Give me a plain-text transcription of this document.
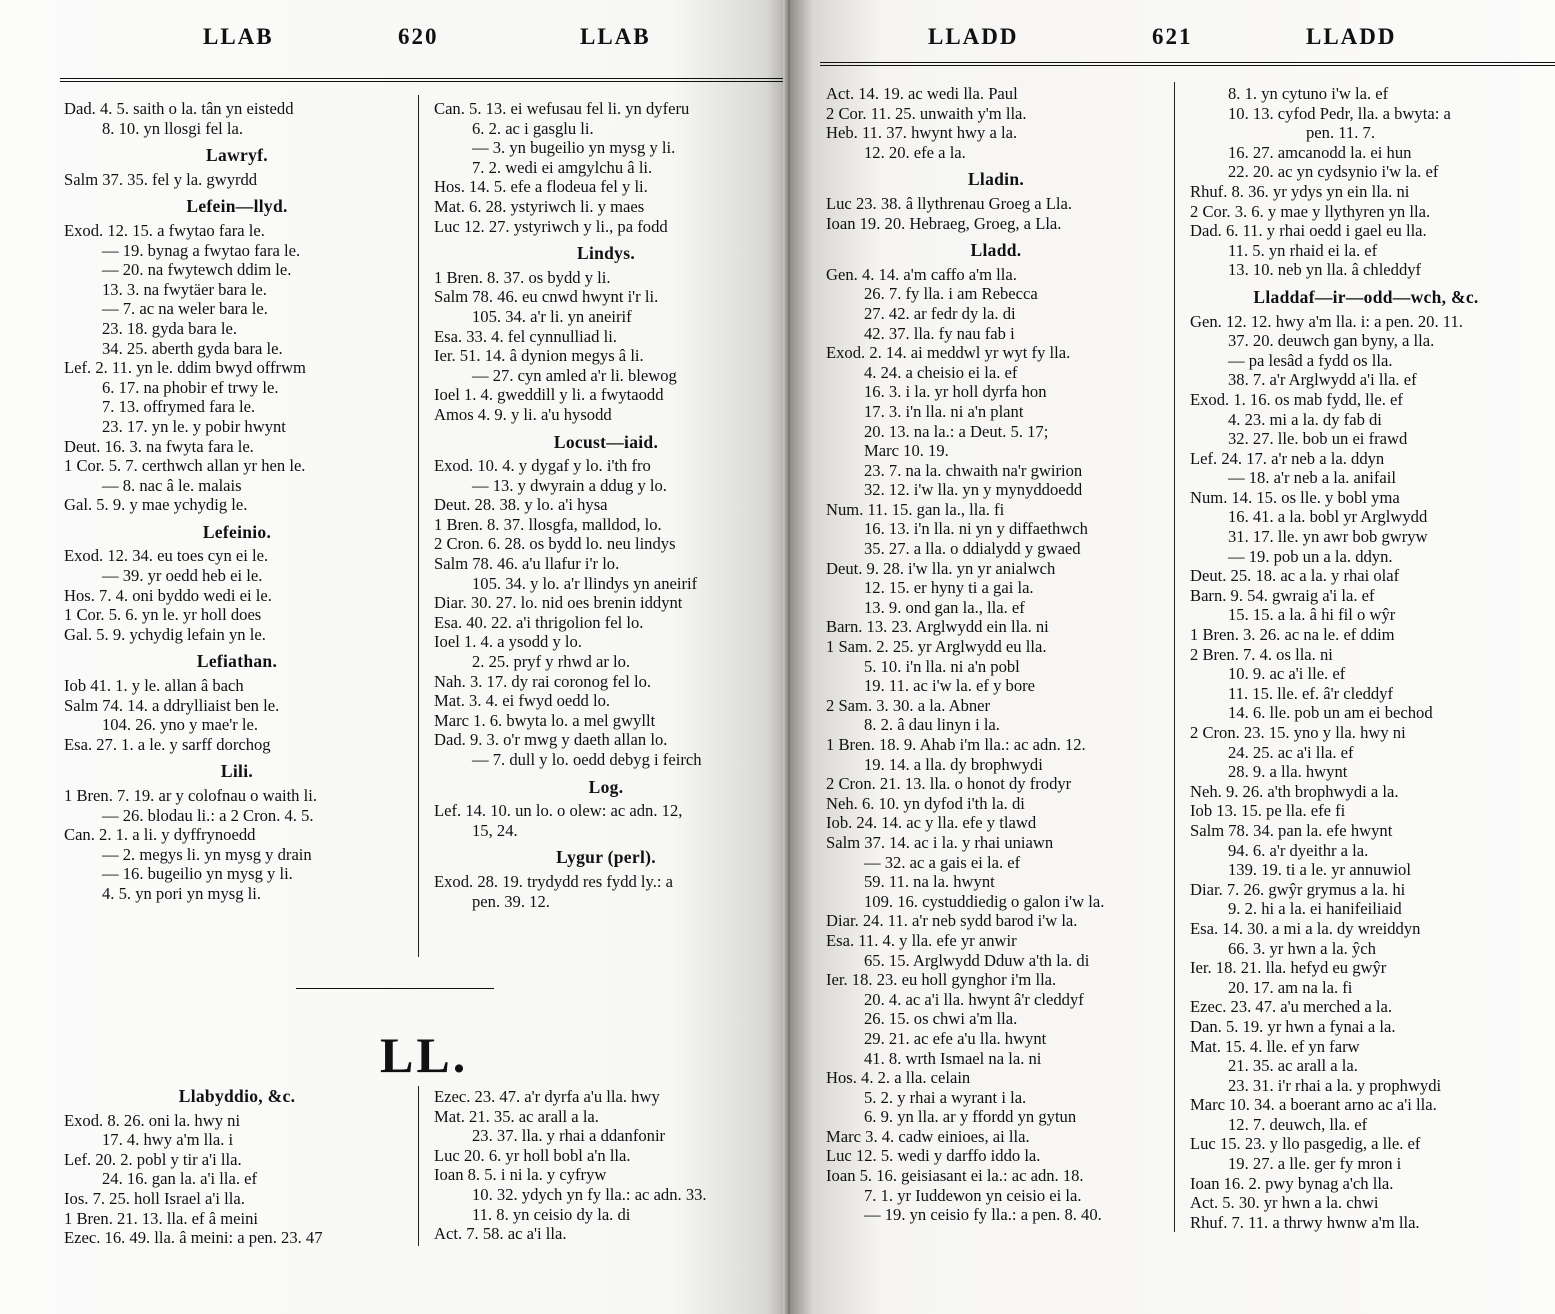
LLAB	620	LLAB
Dad. 4. 5. saith o la. tân yn eistedd
8. 10. yn llosgi fel la.
Lawryf.
Salm 37. 35. fel y la. gwyrdd
Lefein—llyd.
Exod. 12. 15. a fwytao fara le.
— 19. bynag a fwytao fara le.
— 20. na fwytewch ddim le.
13. 3. na fwytäer bara le.
— 7. ac na weler bara le.
23. 18. gyda bara le.
34. 25. aberth gyda bara le.
Lef. 2. 11. yn le. ddim bwyd offrwm
6. 17. na phobir ef trwy le.
7. 13. offrymed fara le.
23. 17. yn le. y pobir hwynt
Deut. 16. 3. na fwyta fara le.
1 Cor. 5. 7. certhwch allan yr hen le.
— 8. nac â le. malais
Gal. 5. 9. y mae ychydig le.
Lefeinio.
Exod. 12. 34. eu toes cyn ei le.
— 39. yr oedd heb ei le.
Hos. 7. 4. oni byddo wedi ei le.
1 Cor. 5. 6. yn le. yr holl does
Gal. 5. 9. ychydig lefain yn le.
Lefiathan.
Iob 41. 1. y le. allan â bach
Salm 74. 14. a ddrylliaist ben le.
104. 26. yno y mae'r le.
Esa. 27. 1. a le. y sarff dorchog
Lili.
1 Bren. 7. 19. ar y colofnau o waith li.
— 26. blodau li.: a 2 Cron. 4. 5.
Can. 2. 1. a li. y dyffrynoedd
— 2. megys li. yn mysg y drain
— 16. bugeilio yn mysg y li.
4. 5. yn pori yn mysg li.
Can. 5. 13. ei wefusau fel li. yn dyferu
6. 2. ac i gasglu li.
— 3. yn bugeilio yn mysg y li.
7. 2. wedi ei amgylchu â li.
Hos. 14. 5. efe a flodeua fel y li.
Mat. 6. 28. ystyriwch li. y maes
Luc 12. 27. ystyriwch y li., pa fodd
Lindys.
1 Bren. 8. 37. os bydd y li.
Salm 78. 46. eu cnwd hwynt i'r li.
105. 34. a'r li. yn aneirif
Esa. 33. 4. fel cynnulliad li.
Ier. 51. 14. â dynion megys â li.
— 27. cyn amled a'r li. blewog
Ioel 1. 4. gweddill y li. a fwytaodd
Amos 4. 9. y li. a'u hysodd
Locust—iaid.
Exod. 10. 4. y dygaf y lo. i'th fro
— 13. y dwyrain a ddug y lo.
Deut. 28. 38. y lo. a'i hysa
1 Bren. 8. 37. llosgfa, malldod, lo.
2 Cron. 6. 28. os bydd lo. neu lindys
Salm 78. 46. a'u llafur i'r lo.
105. 34. y lo. a'r llindys yn aneirif
Diar. 30. 27. lo. nid oes brenin iddynt
Esa. 40. 22. a'i thrigolion fel lo.
Ioel 1. 4. a ysodd y lo.
2. 25. pryf y rhwd ar lo.
Nah. 3. 17. dy rai coronog fel lo.
Mat. 3. 4. ei fwyd oedd lo.
Marc 1. 6. bwyta lo. a mel gwyllt
Dad. 9. 3. o'r mwg y daeth allan lo.
— 7. dull y lo. oedd debyg i feirch
Log.
Lef. 14. 10. un lo. o olew: ac adn. 12,
15, 24.
Lygur (perl).
Exod. 28. 19. trydydd res fydd ly.: a
pen. 39. 12.
LL.
Llabyddio, &c.
Exod. 8. 26. oni la. hwy ni
17. 4. hwy a'm lla. i
Lef. 20. 2. pobl y tir a'i lla.
24. 16. gan la. a'i lla. ef
Ios. 7. 25. holl Israel a'i lla.
1 Bren. 21. 13. lla. ef â meini
Ezec. 16. 49. lla. â meini: a pen. 23. 47
Ezec. 23. 47. a'r dyrfa a'u lla. hwy
Mat. 21. 35. ac arall a la.
23. 37. lla. y rhai a ddanfonir
Luc 20. 6. yr holl bobl a'n lla.
Ioan 8. 5. i ni la. y cyfryw
10. 32. ydych yn fy lla.: ac adn. 33.
11. 8. yn ceisio dy la. di
Act. 7. 58. ac a'i lla.
LLADD	621	LLADD
Act. 14. 19. ac wedi lla. Paul
2 Cor. 11. 25. unwaith y'm lla.
Heb. 11. 37. hwynt hwy a la.
12. 20. efe a la.
Lladin.
Luc 23. 38. â llythrenau Groeg a Lla.
Ioan 19. 20. Hebraeg, Groeg, a Lla.
Lladd.
Gen. 4. 14. a'm caffo a'm lla.
26. 7. fy lla. i am Rebecca
27. 42. ar fedr dy la. di
42. 37. lla. fy nau fab i
Exod. 2. 14. ai meddwl yr wyt fy lla.
4. 24. a cheisio ei la. ef
16. 3. i la. yr holl dyrfa hon
17. 3. i'n lla. ni a'n plant
20. 13. na la.: a Deut. 5. 17;
Marc 10. 19.
23. 7. na la. chwaith na'r gwirion
32. 12. i'w lla. yn y mynyddoedd
Num. 11. 15. gan la., lla. fi
16. 13. i'n lla. ni yn y diffaethwch
35. 27. a lla. o ddialydd y gwaed
Deut. 9. 28. i'w lla. yn yr anialwch
12. 15. er hyny ti a gai la.
13. 9. ond gan la., lla. ef
Barn. 13. 23. Arglwydd ein lla. ni
1 Sam. 2. 25. yr Arglwydd eu lla.
5. 10. i'n lla. ni a'n pobl
19. 11. ac i'w la. ef y bore
2 Sam. 3. 30. a la. Abner
8. 2. â dau linyn i la.
1 Bren. 18. 9. Ahab i'm lla.: ac adn. 12.
19. 14. a lla. dy brophwydi
2 Cron. 21. 13. lla. o honot dy frodyr
Neh. 6. 10. yn dyfod i'th la. di
Iob. 24. 14. ac y lla. efe y tlawd
Salm 37. 14. ac i la. y rhai uniawn
— 32. ac a gais ei la. ef
59. 11. na la. hwynt
109. 16. cystuddiedig o galon i'w la.
Diar. 24. 11. a'r neb sydd barod i'w la.
Esa. 11. 4. y lla. efe yr anwir
65. 15. Arglwydd Dduw a'th la. di
Ier. 18. 23. eu holl gynghor i'm lla.
20. 4. ac a'i lla. hwynt â'r cleddyf
26. 15. os chwi a'm lla.
29. 21. ac efe a'u lla. hwynt
41. 8. wrth Ismael na la. ni
Hos. 4. 2. a lla. celain
5. 2. y rhai a wyrant i la.
6. 9. yn lla. ar y ffordd yn gytun
Marc 3. 4. cadw einioes, ai lla.
Luc 12. 5. wedi y darffo iddo la.
Ioan 5. 16. geisiasant ei la.: ac adn. 18.
7. 1. yr Iuddewon yn ceisio ei la.
— 19. yn ceisio fy lla.: a pen. 8. 40.
8. 1. yn cytuno i'w la. ef
10. 13. cyfod Pedr, lla. a bwyta: a
pen. 11. 7.
16. 27. amcanodd la. ei hun
22. 20. ac yn cydsynio i'w la. ef
Rhuf. 8. 36. yr ydys yn ein lla. ni
2 Cor. 3. 6. y mae y llythyren yn lla.
Dad. 6. 11. y rhai oedd i gael eu lla.
11. 5. yn rhaid ei la. ef
13. 10. neb yn lla. â chleddyf
Lladdaf—ir—odd—wch, &c.
Gen. 12. 12. hwy a'm lla. i: a pen. 20. 11.
37. 20. deuwch gan byny, a lla.
— pa lesâd a fydd os lla.
38. 7. a'r Arglwydd a'i lla. ef
Exod. 1. 16. os mab fydd, lle. ef
4. 23. mi a la. dy fab di
32. 27. lle. bob un ei frawd
Lef. 24. 17. a'r neb a la. ddyn
— 18. a'r neb a la. anifail
Num. 14. 15. os lle. y bobl yma
16. 41. a la. bobl yr Arglwydd
31. 17. lle. yn awr bob gwryw
— 19. pob un a la. ddyn.
Deut. 25. 18. ac a la. y rhai olaf
Barn. 9. 54. gwraig a'i la. ef
15. 15. a la. â hi fil o wŷr
1 Bren. 3. 26. ac na le. ef ddim
2 Bren. 7. 4. os lla. ni
10. 9. ac a'i lle. ef
11. 15. lle. ef. â'r cleddyf
14. 6. lle. pob un am ei bechod
2 Cron. 23. 15. yno y lla. hwy ni
24. 25. ac a'i lla. ef
28. 9. a lla. hwynt
Neh. 9. 26. a'th brophwydi a la.
Iob 13. 15. pe lla. efe fi
Salm 78. 34. pan la. efe hwynt
94. 6. a'r dyeithr a la.
139. 19. ti a le. yr annuwiol
Diar. 7. 26. gwŷr grymus a la. hi
9. 2. hi a la. ei hanifeiliaid
Esa. 14. 30. a mi a la. dy wreiddyn
66. 3. yr hwn a la. ŷch
Ier. 18. 21. lla. hefyd eu gwŷr
20. 17. am na la. fi
Ezec. 23. 47. a'u merched a la.
Dan. 5. 19. yr hwn a fynai a la.
Mat. 15. 4. lle. ef yn farw
21. 35. ac arall a la.
23. 31. i'r rhai a la. y prophwydi
Marc 10. 34. a boerant arno ac a'i lla.
12. 7. deuwch, lla. ef
Luc 15. 23. y llo pasgedig, a lle. ef
19. 27. a lle. ger fy mron i
Ioan 16. 2. pwy bynag a'ch lla.
Act. 5. 30. yr hwn a la. chwi
Rhuf. 7. 11. a thrwy hwnw a'm lla.
